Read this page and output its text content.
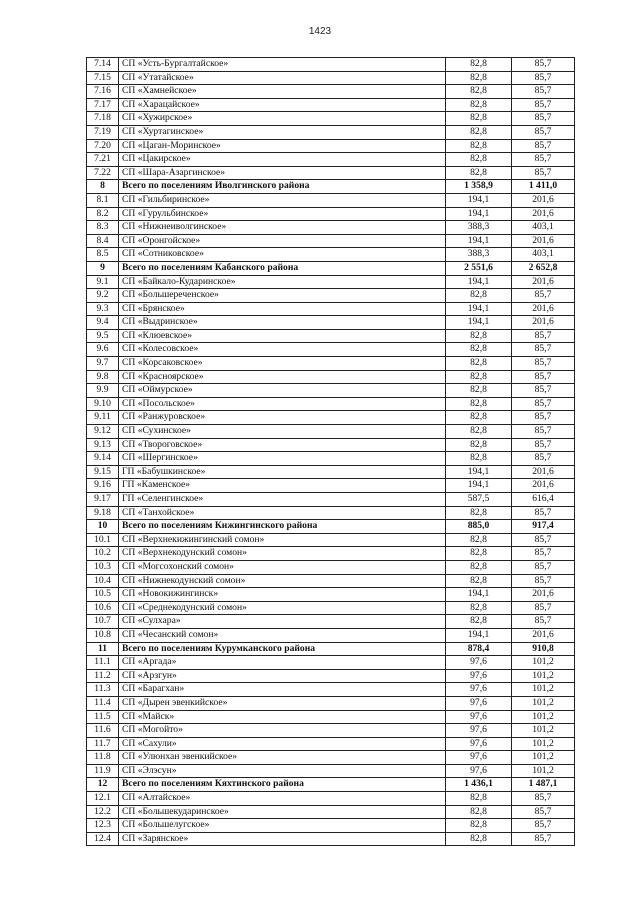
1423
7.14	СП «Усть-Бургалтайское»	82,8	85,7
7.15	СП «Утатайское»	82,8	85,7
7.16	СП «Хамнейское»	82,8	85,7
7.17	СП «Харацайское»	82,8	85,7
7.18	СП «Хужирское»	82,8	85,7
7.19	СП «Хуртагинское»	82,8	85,7
7.20	СП «Цаган-Моринское»	82,8	85,7
7.21	СП «Цакирское»	82,8	85,7
7.22	СП «Шара-Азаргинское»	82,8	85,7
8	Всего по поселениям Иволгинского района	1 358,9	1 411,0
8.1	СП «Гильбиринское»	194,1	201,6
8.2	СП «Гурульбинское»	194,1	201,6
8.3	СП «Нижнеиволгинское»	388,3	403,1
8.4	СП «Оронгойское»	194,1	201,6
8.5	СП «Сотниковское»	388,3	403,1
9	Всего по поселениям Кабанского района	2 551,6	2 652,8
9.1	СП «Байкало-Кударинское»	194,1	201,6
9.2	СП «Большереченское»	82,8	85,7
9.3	СП «Брянское»	194,1	201,6
9.4	СП «Выдринское»	194,1	201,6
9.5	СП «Клюевское»	82,8	85,7
9.6	СП «Колесовское»	82,8	85,7
9.7	СП «Корсаковское»	82,8	85,7
9.8	СП «Красноярское»	82,8	85,7
9.9	СП «Оймурское»	82,8	85,7
9.10	СП «Посольское»	82,8	85,7
9.11	СП «Ранжуровское»	82,8	85,7
9.12	СП «Сухинское»	82,8	85,7
9.13	СП «Твороговское»	82,8	85,7
9.14	СП «Шергинское»	82,8	85,7
9.15	ГП «Бабушкинское»	194,1	201,6
9.16	ГП «Каменское»	194,1	201,6
9.17	ГП «Селенгинское»	587,5	616,4
9.18	СП «Танхойское»	82,8	85,7
10	Всего по поселениям Кижингинского района	885,0	917,4
10.1	СП «Верхнекижингинский сомон»	82,8	85,7
10.2	СП «Верхнекодунский сомон»	82,8	85,7
10.3	СП «Могсохонский сомон»	82,8	85,7
10.4	СП «Нижнекодунский сомон»	82,8	85,7
10.5	СП «Новокижингинск»	194,1	201,6
10.6	СП «Среднекодунский сомон»	82,8	85,7
10.7	СП «Сулхара»	82,8	85,7
10.8	СП «Чесанский сомон»	194,1	201,6
11	Всего по поселениям Курумканского района	878,4	910,8
11.1	СП «Аргада»	97,6	101,2
11.2	СП «Арзгун»	97,6	101,2
11.3	СП «Барагхан»	97,6	101,2
11.4	СП «Дырен эвенкийское»	97,6	101,2
11.5	СП «Майск»	97,6	101,2
11.6	СП «Могойто»	97,6	101,2
11.7	СП «Сахули»	97,6	101,2
11.8	СП «Улюнхан эвенкийское»	97,6	101,2
11.9	СП «Элэсун»	97,6	101,2
12	Всего по поселениям Кяхтинского района	1 436,1	1 487,1
12.1	СП «Алтайское»	82,8	85,7
12.2	СП «Большекударинское»	82,8	85,7
12.3	СП «Большелугское»	82,8	85,7
12.4	СП «Зарянское»	82,8	85,7
